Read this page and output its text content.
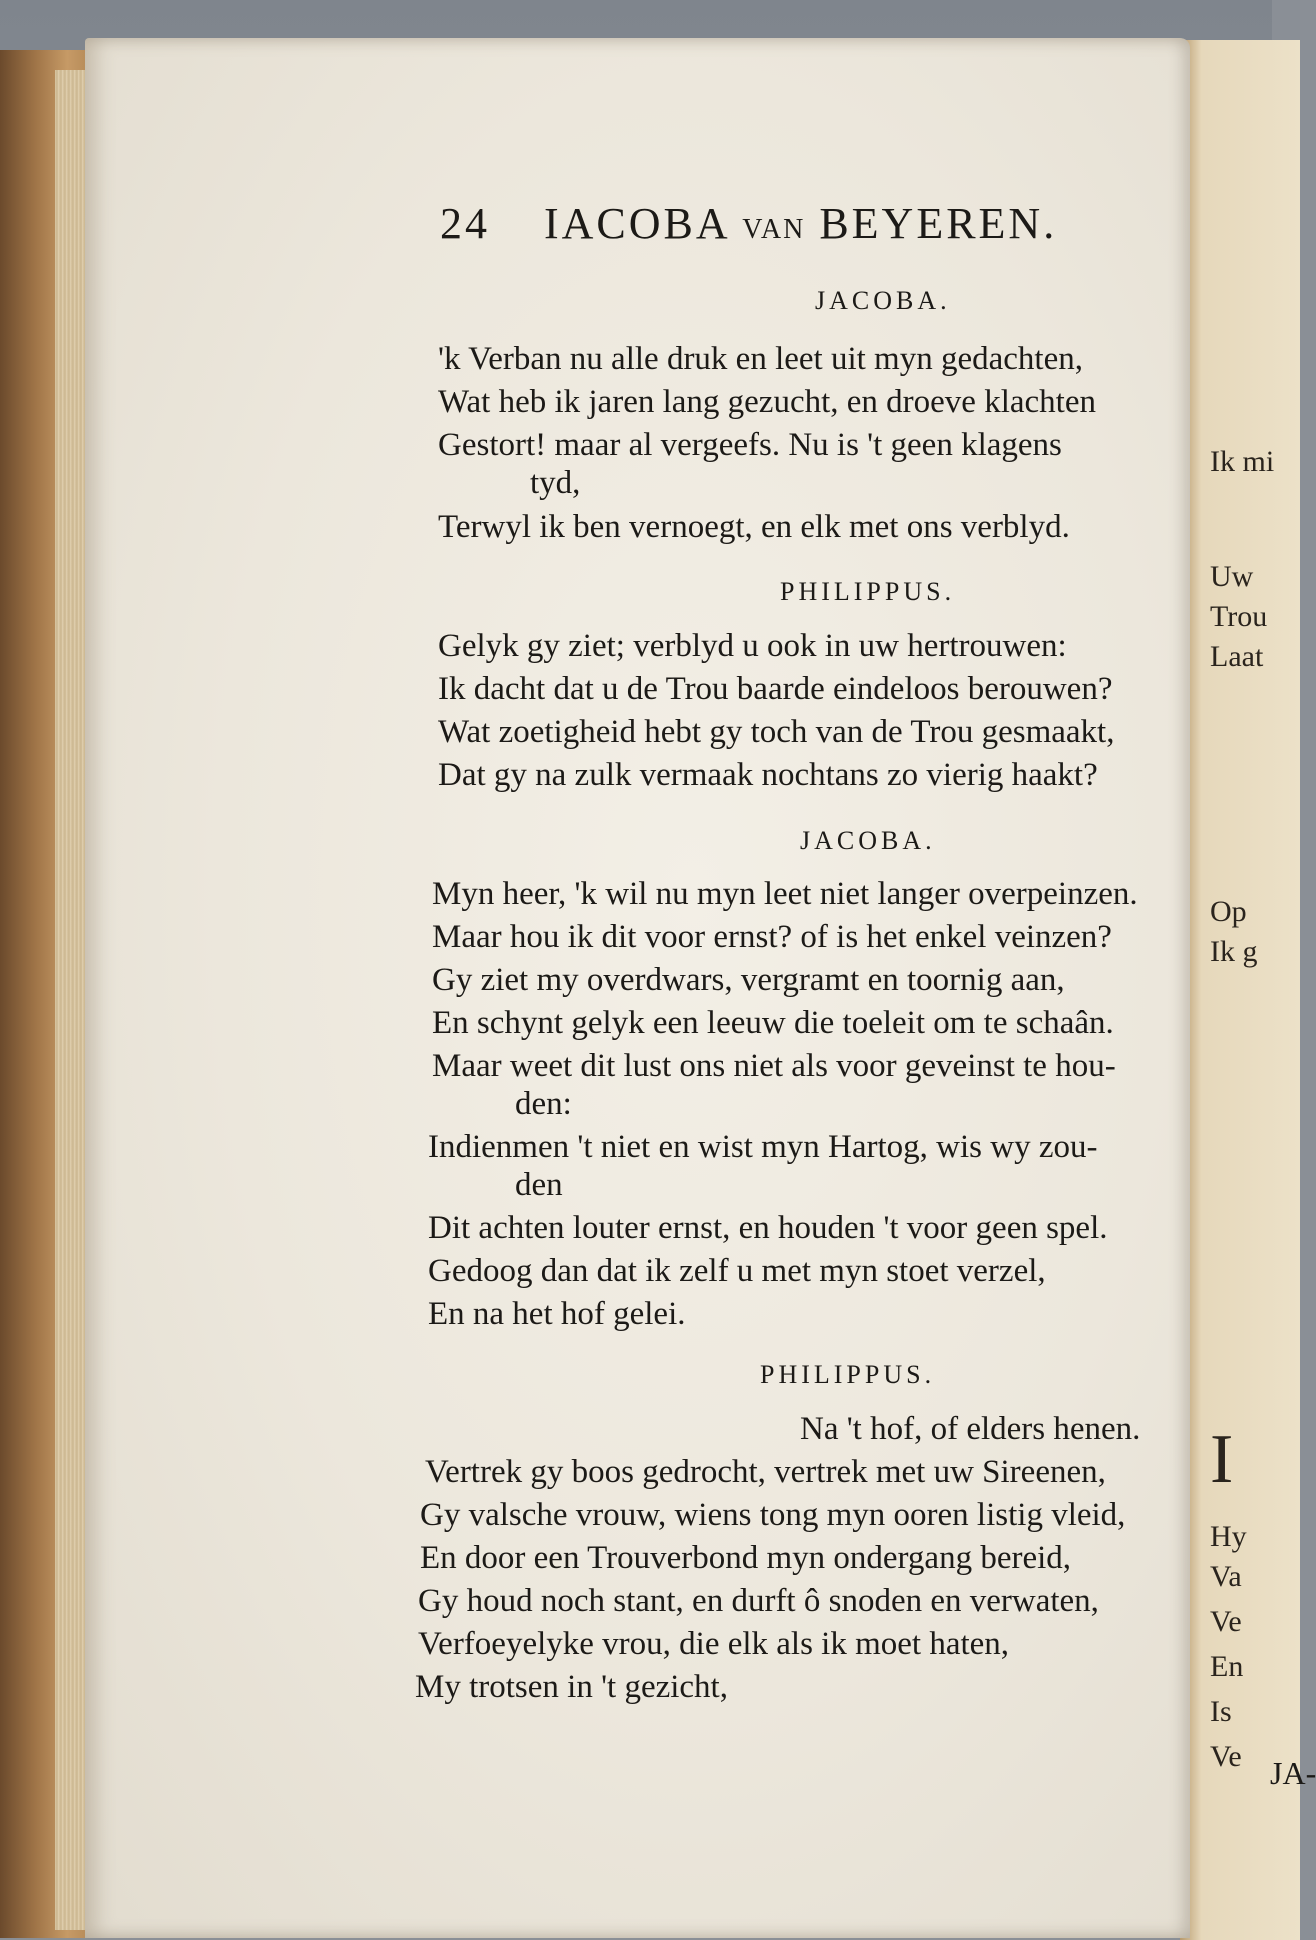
Ik mi
Uw
Trou
Laat
Op
Ik g
I
Hy
Va
Ve
En
Is
Ve
24 IACOBA VAN BEYEREN.
JACOBA.
'k Verban nu alle druk en leet uit myn gedachten,
Wat heb ik jaren lang gezucht, en droeve klachten
Gestort! maar al vergeefs. Nu is 't geen klagens
tyd,
Terwyl ik ben vernoegt, en elk met ons verblyd.
PHILIPPUS.
Gelyk gy ziet; verblyd u ook in uw hertrouwen:
Ik dacht dat u de Trou baarde eindeloos berouwen?
Wat zoetigheid hebt gy toch van de Trou gesmaakt,
Dat gy na zulk vermaak nochtans zo vierig haakt?
JACOBA.
Myn heer, 'k wil nu myn leet niet langer overpeinzen.
Maar hou ik dit voor ernst? of is het enkel veinzen?
Gy ziet my overdwars, vergramt en toornig aan,
En schynt gelyk een leeuw die toeleit om te schaân.
Maar weet dit lust ons niet als voor geveinst te hou-
den:
Indienmen 't niet en wist myn Hartog, wis wy zou-
den
Dit achten louter ernst, en houden 't voor geen spel.
Gedoog dan dat ik zelf u met myn stoet verzel,
En na het hof gelei.
PHILIPPUS.
Na 't hof, of elders henen.
Vertrek gy boos gedrocht, vertrek met uw Sireenen,
Gy valsche vrouw, wiens tong myn ooren listig vleid,
En door een Trouverbond myn ondergang bereid,
Gy houd noch stant, en durft ô snoden en verwaten,
Verfoeyelyke vrou, die elk als ik moet haten,
My trotsen in 't gezicht,
JA-
